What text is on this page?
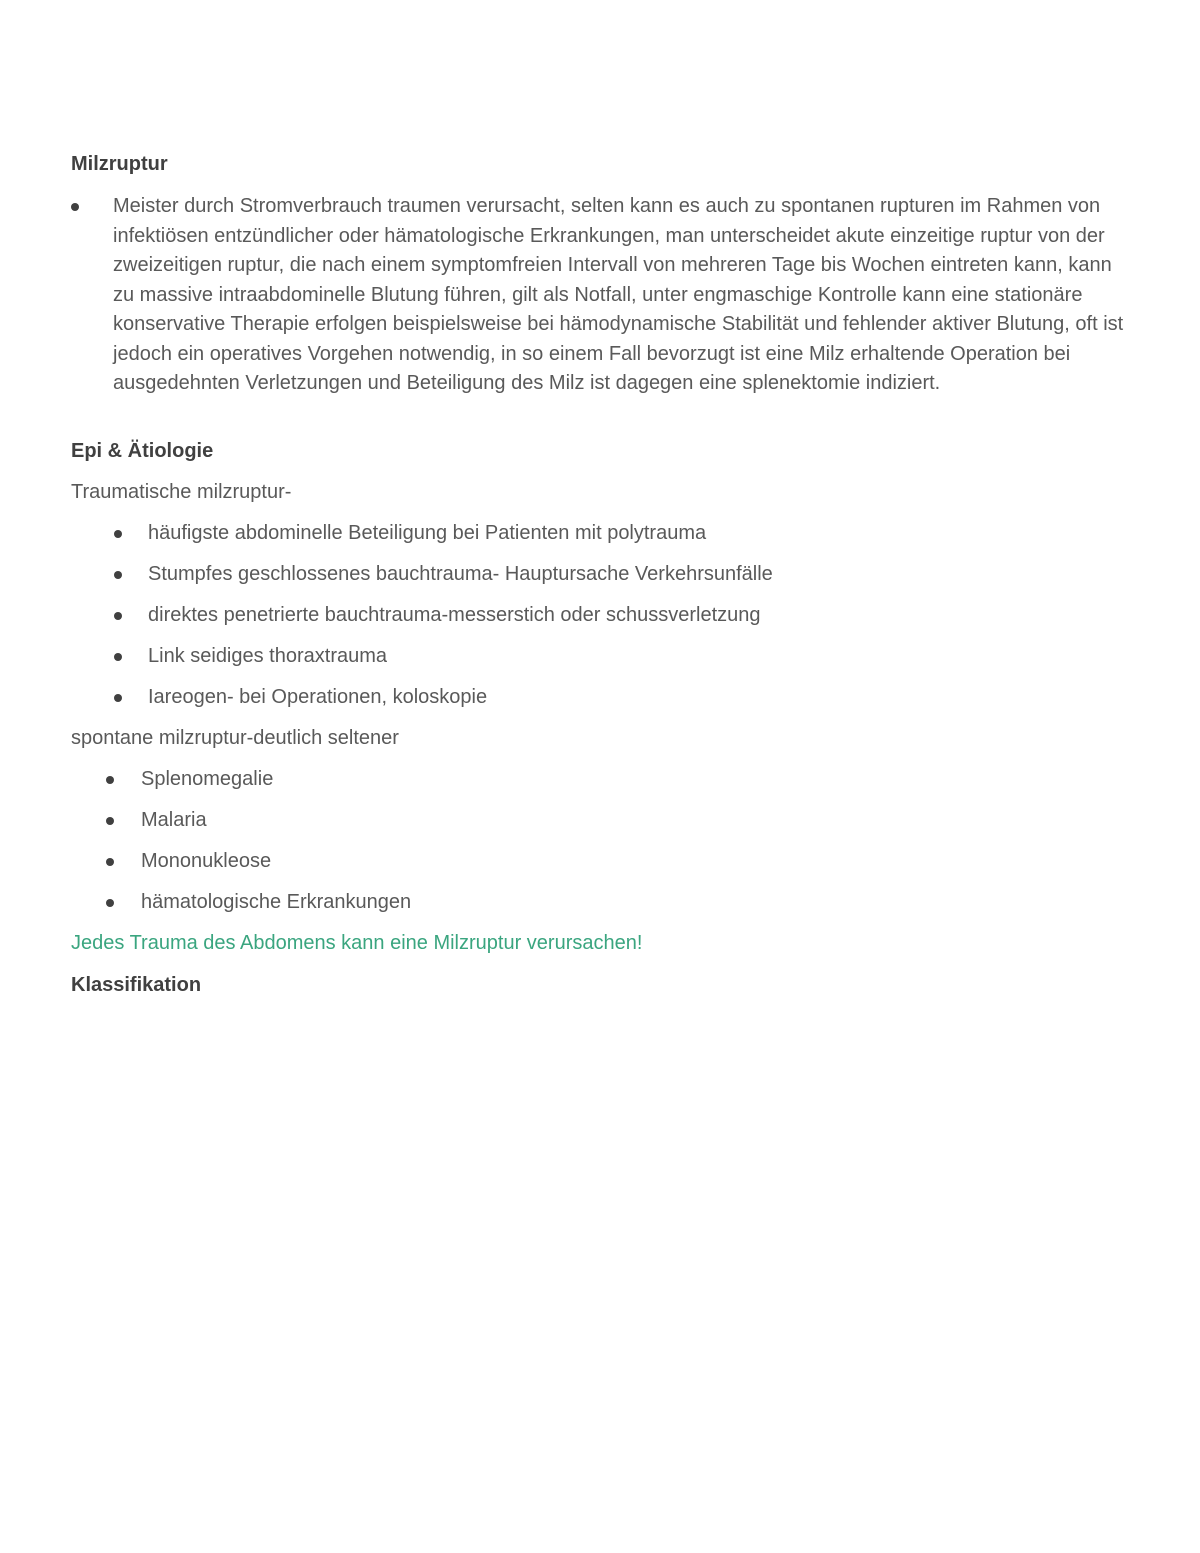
Milzruptur
Meister durch Stromverbrauch traumen verursacht, selten kann es auch zu spontanen rupturen im Rahmen von infektiösen entzündlicher oder hämatologische Erkrankungen, man unterscheidet akute einzeitige ruptur von der zweizeitigen ruptur, die nach einem symptomfreien Intervall von mehreren Tage bis Wochen eintreten kann, kann zu massive intraabdominelle Blutung führen, gilt als Notfall, unter engmaschige Kontrolle kann eine stationäre konservative Therapie erfolgen beispielsweise bei hämodynamische Stabilität und fehlender aktiver Blutung, oft ist jedoch ein operatives Vorgehen notwendig, in so einem Fall bevorzugt ist eine Milz erhaltende Operation bei ausgedehnten Verletzungen und Beteiligung des Milz ist dagegen eine splenektomie indiziert.
Epi & Ätiologie

Traumatische milzruptur-

häufigste abdominelle Beteiligung bei Patienten mit polytrauma
Stumpfes geschlossenes bauchtrauma- Hauptursache Verkehrsunfälle
direktes penetrierte bauchtrauma-messerstich oder schussverletzung
Link seidiges thoraxtrauma
Iareogen- bei Operationen, koloskopie

spontane milzruptur-deutlich seltener

Splenomegalie
Malaria
Mononukleose
hämatologische Erkrankungen

Jedes Trauma des Abdomens kann eine Milzruptur verursachen!

Klassifikation
